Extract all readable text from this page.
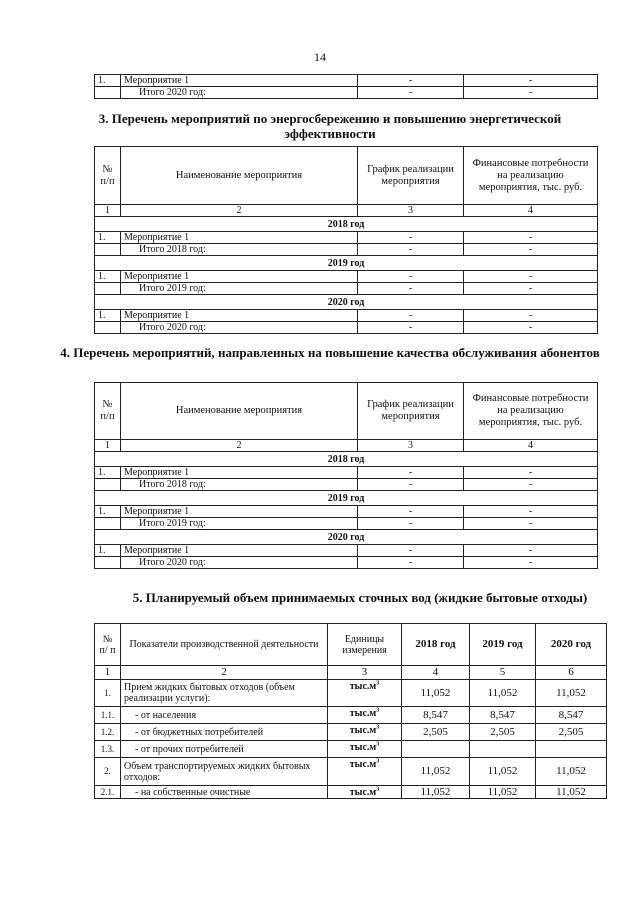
14
1.	Мероприятие 1	-	-
	Итого 2020 год:	-	-
3. Перечень мероприятий по энергосбережению и повышению энергетической эффективности
№ п/п	Наименование мероприятия	График реализации мероприятия	Финансовые потребности на реализацию мероприятия, тыс. руб.
1	2	3	4
2018 год			
1.	Мероприятие 1	-	-
	Итого 2018 год:	-	-
2019 год			
1.	Мероприятие 1	-	-
	Итого 2019 год:	-	-
2020 год			
1.	Мероприятие 1	-	-
	Итого 2020 год:	-	-
4. Перечень мероприятий, направленных на повышение качества обслуживания абонентов
№ п/п	Наименование мероприятия	График реализации мероприятия	Финансовые потребности на реализацию мероприятия, тыс. руб.
1	2	3	4
2018 год			
1.	Мероприятие 1	-	-
	Итого 2018 год:	-	-
2019 год			
1.	Мероприятие 1	-	-
	Итого 2019 год:	-	-
2020 год			
1.	Мероприятие 1	-	-
	Итого 2020 год:	-	-
5. Планируемый объем принимаемых сточных вод (жидкие бытовые отходы)
№ п/ п	Показатели производственной деятельности	Единицы измерения	2018 год	2019 год	2020 год
1	2	3	4	5	6
1.	Прием жидких бытовых отходов (объем реализации услуги):	$тыс.м^3$	11,052	11,052	11,052
1.1.	- от населения	$тыс.м^3$	8,547	8,547	8,547
1.2.	- от бюджетных потребителей	$тыс.м^3$	2,505	2,505	2,505
1.3.	- от прочих потребителей	$тыс.м^3$			
2.	Объем транспортируемых жидких бытовых отходов:	$тыс.м^3$	11,052	11,052	11,052
2.1.	- на собственные очистные	$тыс.м^3$	11,052	11,052	11,052
